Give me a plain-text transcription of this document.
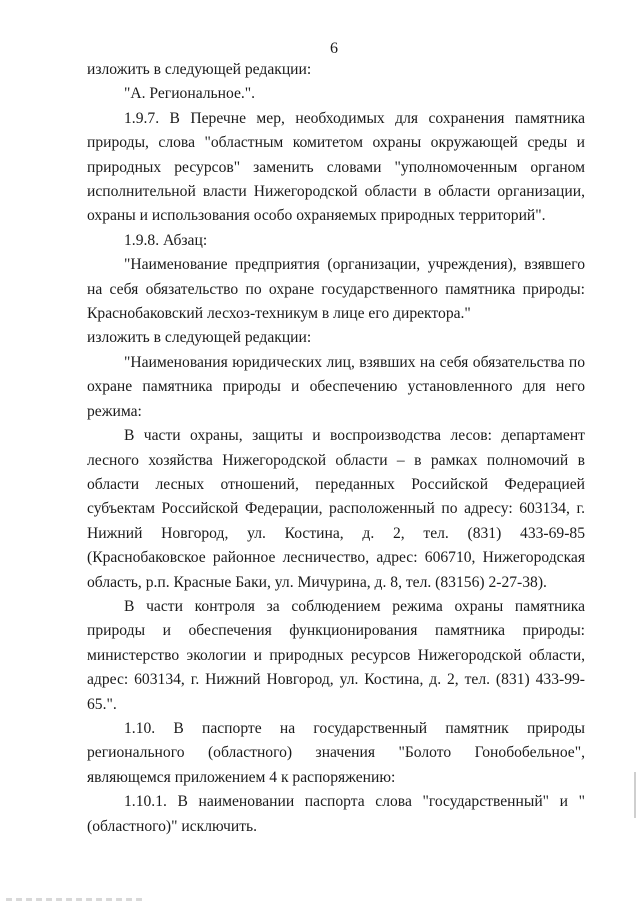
6

изложить в следующей редакции:

"А. Региональное.".

1.9.7. В Перечне мер, необходимых для сохранения памятника природы, слова "областным комитетом охраны окружающей среды и природных ресурсов" заменить словами "уполномоченным органом исполнительной власти Нижегородской области в области организации, охраны и использования особо охраняемых природных территорий".

1.9.8. Абзац:

"Наименование предприятия (организации, учреждения), взявшего на себя обязательство по охране государственного памятника природы: Краснобаковский лесхоз-техникум в лице его директора."

изложить в следующей редакции:

"Наименования юридических лиц, взявших на себя обязательства по охране памятника природы и обеспечению установленного для него режима:

В части охраны, защиты и воспроизводства лесов: департамент лесного хозяйства Нижегородской области – в рамках полномочий в области лесных отношений, переданных Российской Федерацией субъектам Российской Федерации, расположенный по адресу: 603134, г. Нижний Новгород, ул. Костина, д. 2, тел. (831) 433-69-85 (Краснобаковское районное лесничество, адрес: 606710, Нижегородская область, р.п. Красные Баки, ул. Мичурина, д. 8, тел. (83156) 2-27-38).

В части контроля за соблюдением режима охраны памятника природы и обеспечения функционирования памятника природы: министерство экологии и природных ресурсов Нижегородской области, адрес: 603134, г. Нижний Новгород, ул. Костина, д. 2, тел. (831) 433-99-65.".

1.10. В паспорте на государственный памятник природы регионального (областного) значения "Болото Гонобобельное", являющемся приложением 4 к распоряжению:

1.10.1. В наименовании паспорта слова "государственный" и "(областного)" исключить.
